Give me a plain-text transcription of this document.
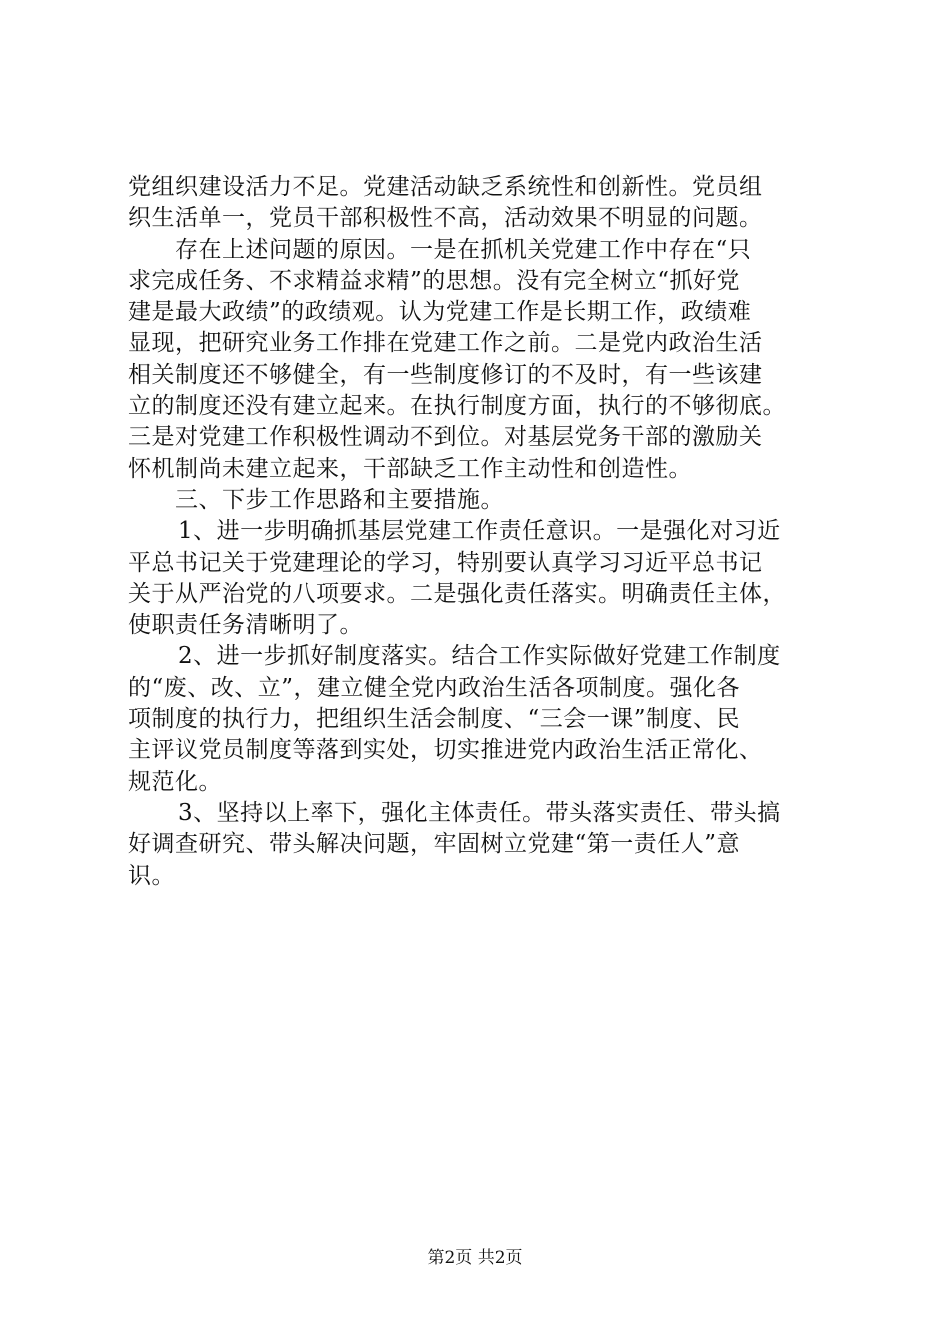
党组织建设活力不足。党建活动缺乏系统性和创新性。党员组
织生活单一，党员干部积极性不高，活动效果不明显的问题。
存在上述问题的原因。一是在抓机关党建工作中存在“只
求完成任务、不求精益求精”的思想。没有完全树立“抓好党
建是最大政绩”的政绩观。认为党建工作是长期工作，政绩难
显现，把研究业务工作排在党建工作之前。二是党内政治生活
相关制度还不够健全，有一些制度修订的不及时，有一些该建
立的制度还没有建立起来。在执行制度方面，执行的不够彻底。
三是对党建工作积极性调动不到位。对基层党务干部的激励关
怀机制尚未建立起来，干部缺乏工作主动性和创造性。
三、下步工作思路和主要措施。
1、进一步明确抓基层党建工作责任意识。一是强化对习近
平总书记关于党建理论的学习，特别要认真学习习近平总书记
关于从严治党的八项要求。二是强化责任落实。明确责任主体，
使职责任务清晰明了。
2、进一步抓好制度落实。结合工作实际做好党建工作制度
的“废、改、立”，建立健全党内政治生活各项制度。强化各
项制度的执行力，把组织生活会制度、“三会一课”制度、民
主评议党员制度等落到实处，切实推进党内政治生活正常化、
规范化。
3、坚持以上率下，强化主体责任。带头落实责任、带头搞
好调查研究、带头解决问题，牢固树立党建“第一责任人”意
识。
第2页 共2页
